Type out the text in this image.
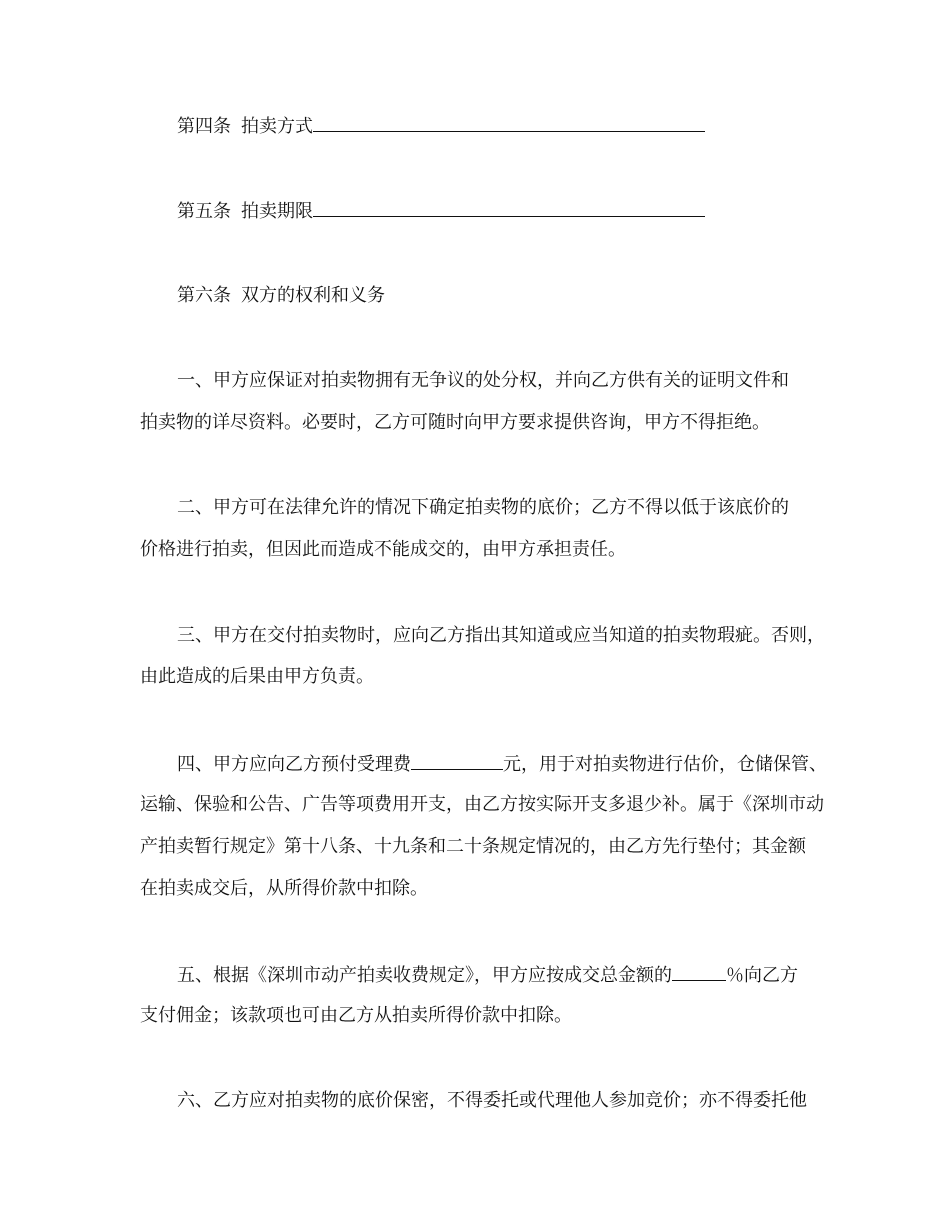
第四条 拍卖方式
第五条 拍卖期限
第六条 双方的权利和义务
一、甲方应保证对拍卖物拥有无争议的处分权，并向乙方供有关的证明文件和
拍卖物的详尽资料。必要时，乙方可随时向甲方要求提供咨询，甲方不得拒绝。
二、甲方可在法律允许的情况下确定拍卖物的底价；乙方不得以低于该底价的
价格进行拍卖，但因此而造成不能成交的，由甲方承担责任。
三、甲方在交付拍卖物时，应向乙方指出其知道或应当知道的拍卖物瑕疵。否则，
由此造成的后果由甲方负责。
四、甲方应向乙方预付受理费	元，用于对拍卖物进行估价，仓储保管、
运输、保验和公告、广告等项费用开支，由乙方按实际开支多退少补。属于《深圳市动
产拍卖暂行规定》第十八条、十九条和二十条规定情况的，由乙方先行垫付；其金额
在拍卖成交后，从所得价款中扣除。
五、根据《深圳市动产拍卖收费规定》，甲方应按成交总金额的	％向乙方
支付佣金；该款项也可由乙方从拍卖所得价款中扣除。
六、乙方应对拍卖物的底价保密，不得委托或代理他人参加竞价；亦不得委托他
